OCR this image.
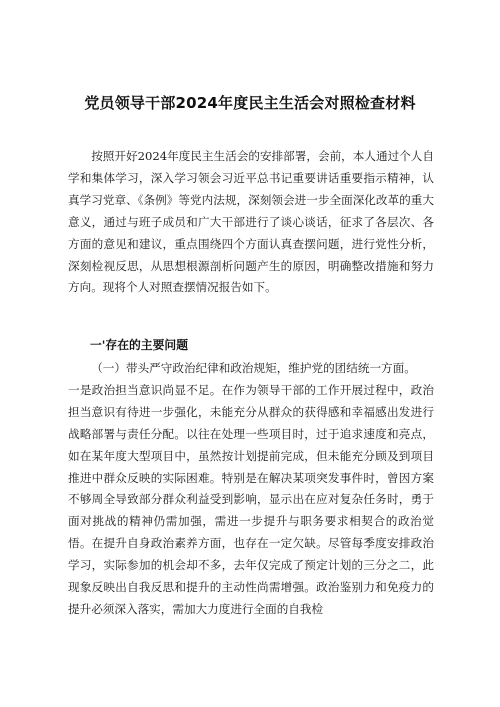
党员领导干部2024年度民主生活会对照检查材料

按照开好2024年度民主生活会的安排部署，会前，本人通过个人自学和集体学习，深入学习领会习近平总书记重要讲话重要指示精神，认真学习党章、《条例》等党内法规，深刻领会进一步全面深化改革的重大意义，通过与班子成员和广大干部进行了谈心谈话，征求了各层次、各方面的意见和建议，重点围绕四个方面认真查摆问题，进行党性分析，深刻检视反思，从思想根源剖析问题产生的原因，明确整改措施和努力方向。现将个人对照查摆情况报告如下。

一'存在的主要问题

（一）带头严守政治纪律和政治规矩，维护党的团结统一方面。

一是政治担当意识尚显不足。在作为领导干部的工作开展过程中，政治担当意识有待进一步强化，未能充分从群众的获得感和幸福感出发进行战略部署与责任分配。以往在处理一些项目时，过于追求速度和亮点，如在某年度大型项目中，虽然按计划提前完成，但未能充分顾及到项目推进中群众反映的实际困难。特别是在解决某项突发事件时，曾因方案不够周全导致部分群众利益受到影响，显示出在应对复杂任务时，勇于面对挑战的精神仍需加强，需进一步提升与职务要求相契合的政治觉悟。在提升自身政治素养方面，也存在一定欠缺。尽管每季度安排政治学习，实际参加的机会却不多，去年仅完成了预定计划的三分之二，此现象反映出自我反思和提升的主动性尚需增强。政治鉴别力和免疫力的提升必须深入落实，需加大力度进行全面的自我检
